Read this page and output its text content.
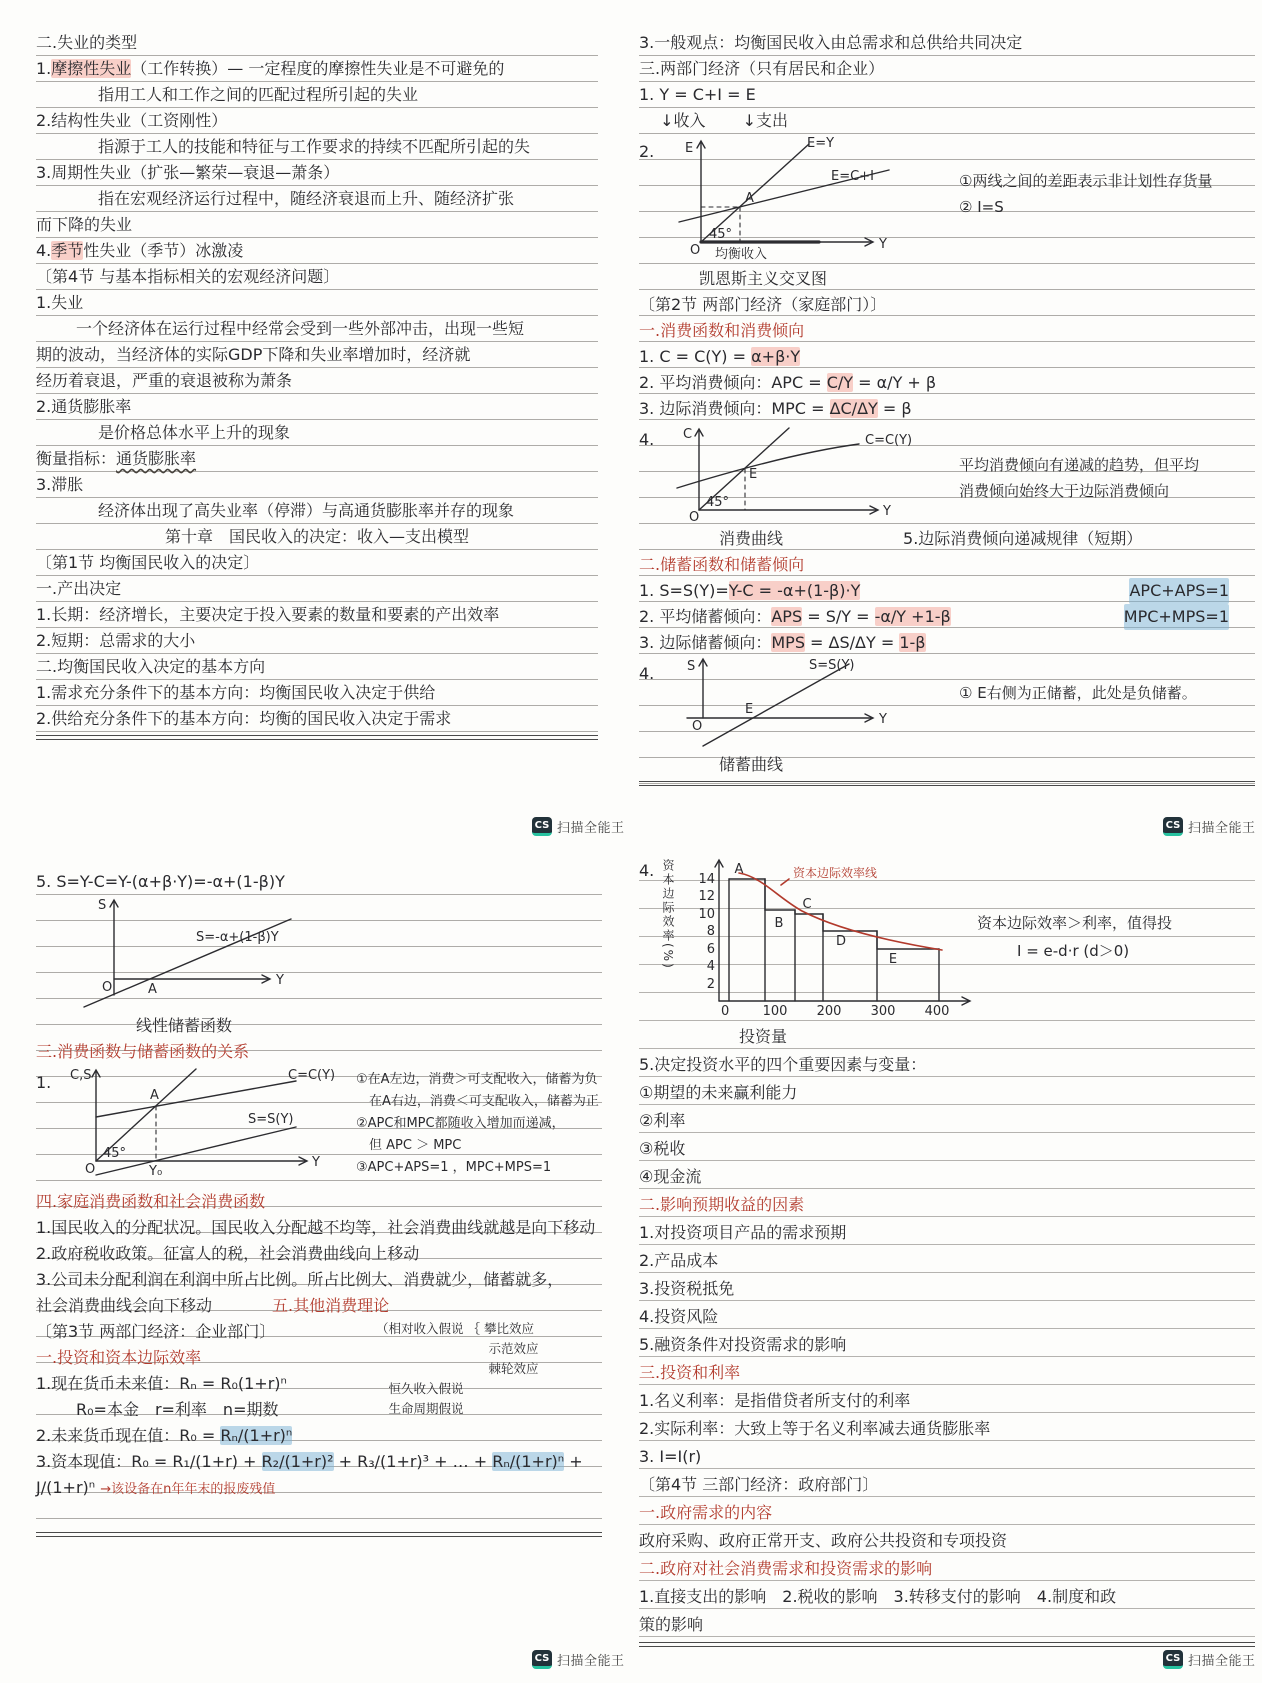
二.失业的类型
1.摩擦性失业（工作转换）— 一定程度的摩擦性失业是不可避免的
指用工人和工作之间的匹配过程所引起的失业
2.结构性失业（工资刚性）
指源于工人的技能和特征与工作要求的持续不匹配所引起的失
3.周期性失业（扩张—繁荣—衰退—萧条）
指在宏观经济运行过程中，随经济衰退而上升、随经济扩张
而下降的失业
4.季节性失业（季节）冰激凌
〔第4节 与基本指标相关的宏观经济问题〕
1.失业
一个经济体在运行过程中经常会受到一些外部冲击，出现一些短
期的波动，当经济体的实际GDP下降和失业率增加时，经济就
经历着衰退，严重的衰退被称为萧条
2.通货膨胀率
是价格总体水平上升的现象
衡量指标：通货膨胀率
3.滞胀
经济体出现了高失业率（停滞）与高通货膨胀率并存的现象
第十章　国民收入的决定：收入—支出模型
〔第1节 均衡国民收入的决定〕
一.产出决定
1.长期：经济增长，主要决定于投入要素的数量和要素的产出效率
2.短期：总需求的大小
二.均衡国民收入决定的基本方向
1.需求充分条件下的基本方向：均衡国民收入决定于供给
2.供给充分条件下的基本方向：均衡的国民收入决定于需求
CS 扫描全能王
3.一般观点：均衡国民收入由总需求和总供给共同决定
三.两部门经济（只有居民和企业）
1. Y = C+I = E
　 ↓收入　　 ↓支出
2.	E	E=Y
E=C+I
A
45°
O 均衡收入
Y
①两线之间的差距表示非计划性存货量
② I=S
凯恩斯主义交叉图
〔第2节 两部门经济（家庭部门）〕
一.消费函数和消费倾向
1. C = C(Y) = α+β·Y
2. 平均消费倾向：APC = C/Y = α/Y + β
3. 边际消费倾向：MPC = ΔC/ΔY = β
4.	C
E
C=C(Y)
45°
O	Y
平均消费倾向有递减的趋势，但平均
消费倾向始终大于边际消费倾向
消费曲线	5.边际消费倾向递减规律（短期）
二.储蓄函数和储蓄倾向
1. S=S(Y)=Y-C = -α+(1-β)·Y	APC+APS=1
2. 平均储蓄倾向：APS = S/Y = -α/Y +1-β	MPC+MPS=1
3. 边际储蓄倾向：MPS = ΔS/ΔY = 1-β
4.	S	S=S(Y)
E
O	Y
① E右侧为正储蓄，此处是负储蓄。
储蓄曲线
CS 扫描全能王
5. S=Y-C=Y-(α+β·Y)=-α+(1-β)Y
S
S=-α+(1-β)Y
O	A
Y
线性储蓄函数
三.消费函数与储蓄函数的关系
1.	C,S
A
C=C(Y)
S=S(Y)
45°
O	Y₀
Y
①在A左边，消费＞可支配收入，储蓄为负
　在A右边，消费＜可支配收入，储蓄为正
②APC和MPC都随收入增加而递减，
　但 APC ＞ MPC
③APC+APS=1 ，MPC+MPS=1
四.家庭消费函数和社会消费函数
1.国民收入的分配状况。国民收入分配越不均等，社会消费曲线就越是向下移动
2.政府税收政策。征富人的税，社会消费曲线向上移动
3.公司未分配利润在利润中所占比例。所占比例大、消费就少，储蓄就多，
社会消费曲线会向下移动	五.其他消费理论
〔第3节 两部门经济：企业部门〕
一.投资和资本边际效率
1.现在货币未来值：Rₙ = R₀(1+r)ⁿ
R₀=本金　r=利率　n=期数
（相对收入假说 ｛ 攀比效应
　　　　　　　　　示范效应
　　　　　　　　　棘轮效应
　恒久收入假说
　生命周期假说
2.未来货币现在值：R₀ = Rₙ/(1+r)ⁿ
3.资本现值：R₀ = R₁/(1+r) + R₂/(1+r)² + R₃/(1+r)³ + … + Rₙ/(1+r)ⁿ + J/(1+r)ⁿ →该设备在n年年末的报废残值
CS 扫描全能王
4. 资本边际效率(%)	资本边际效率线
2
4
6
8
10
12
14
0	100 200 300 400
A
B
C
D
E
资本边际效率＞利率，值得投
I = e-d·r (d＞0)
投资量
5.决定投资水平的四个重要因素与变量：
①期望的未来赢利能力
②利率
③税收
④现金流
二.影响预期收益的因素
1.对投资项目产品的需求预期
2.产品成本
3.投资税抵免
4.投资风险
5.融资条件对投资需求的影响
三.投资和利率
1.名义利率：是指借贷者所支付的利率
2.实际利率：大致上等于名义利率减去通货膨胀率
3. I=I(r)
〔第4节 三部门经济：政府部门〕
一.政府需求的内容
政府采购、政府正常开支、政府公共投资和专项投资
二.政府对社会消费需求和投资需求的影响
1.直接支出的影响　2.税收的影响　3.转移支付的影响　4.制度和政
策的影响
CS 扫描全能王
